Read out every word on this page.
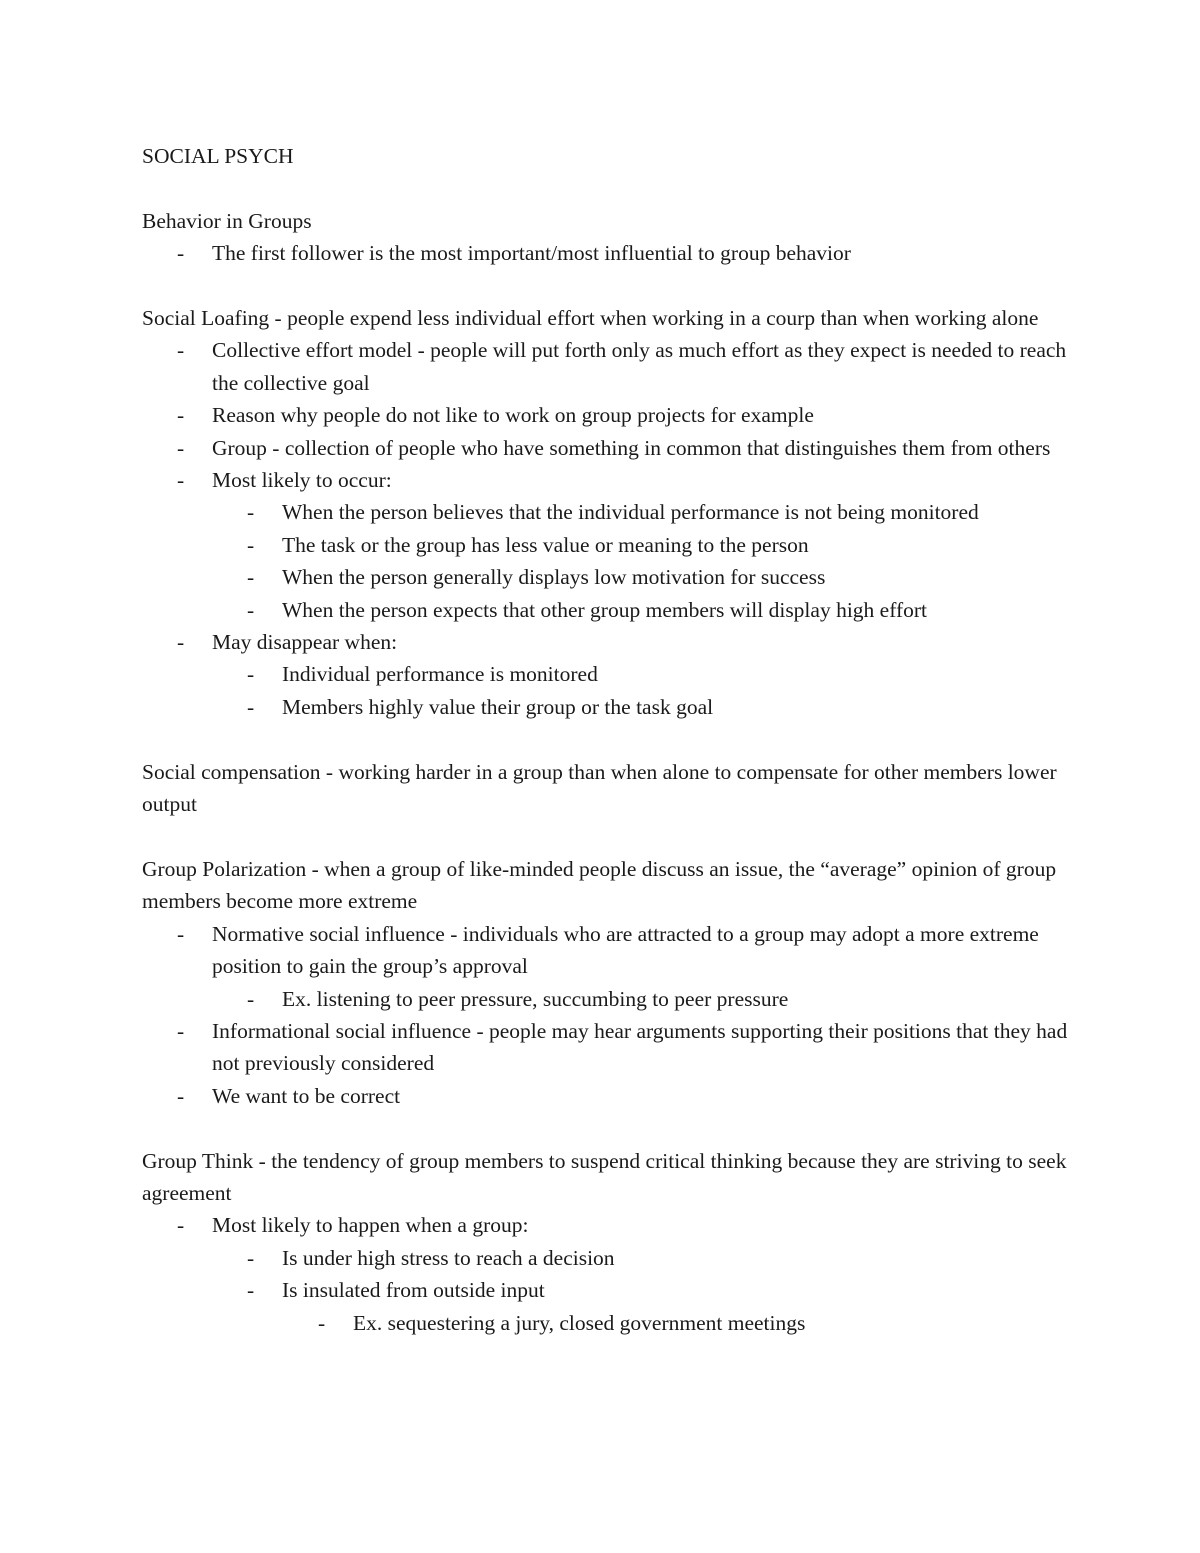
SOCIAL PSYCH

Behavior in Groups

- The first follower is the most important/most influential to group behavior

Social Loafing - people expend less individual effort when working in a courp than when working alone

- Collective effort model - people will put forth only as much effort as they expect is needed to reach the collective goal

- Reason why people do not like to work on group projects for example

- Group - collection of people who have something in common that distinguishes them from others

- Most likely to occur:

- When the person believes that the individual performance is not being monitored

- The task or the group has less value or meaning to the person

- When the person generally displays low motivation for success

- When the person expects that other group members will display high effort

- May disappear when:

- Individual performance is monitored

- Members highly value their group or the task goal

Social compensation - working harder in a group than when alone to compensate for other members lower output

Group Polarization - when a group of like-minded people discuss an issue, the “average” opinion of group members become more extreme

- Normative social influence - individuals who are attracted to a group may adopt a more extreme position to gain the group’s approval

- Ex. listening to peer pressure, succumbing to peer pressure

- Informational social influence - people may hear arguments supporting their positions that they had not previously considered

- We want to be correct

Group Think - the tendency of group members to suspend critical thinking because they are striving to seek agreement

- Most likely to happen when a group:

- Is under high stress to reach a decision

- Is insulated from outside input

- Ex. sequestering a jury, closed government meetings
